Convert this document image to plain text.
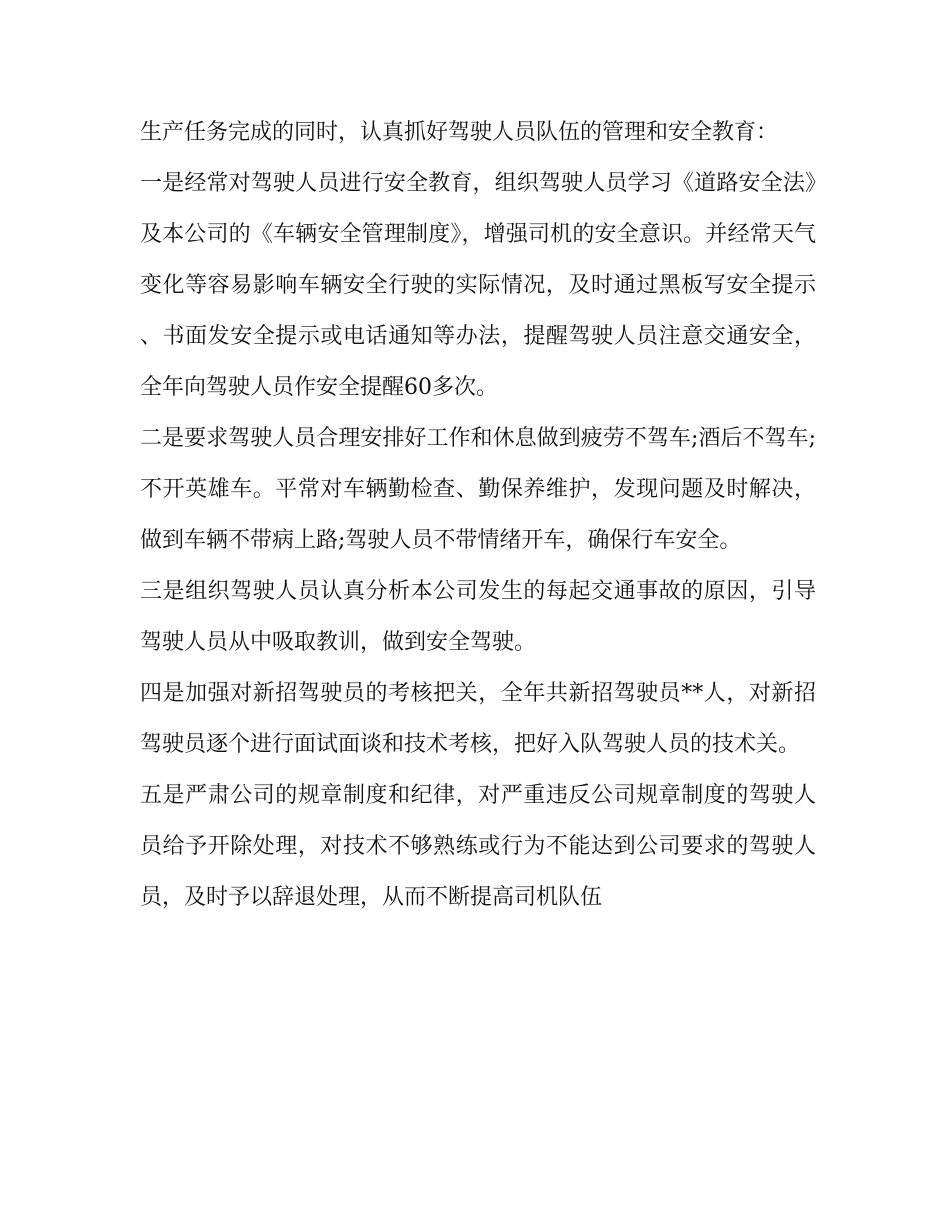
生产任务完成的同时，认真抓好驾驶人员队伍的管理和安全教育：

一是经常对驾驶人员进行安全教育，组织驾驶人员学习《道路安全法》及本公司的《车辆安全管理制度》，增强司机的安全意识。并经常天气变化等容易影响车辆安全行驶的实际情况，及时通过黑板写安全提示、书面发安全提示或电话通知等办法，提醒驾驶人员注意交通安全，全年向驾驶人员作安全提醒60多次。

二是要求驾驶人员合理安排好工作和休息做到疲劳不驾车;酒后不驾车;不开英雄车。平常对车辆勤检查、勤保养维护，发现问题及时解决，做到车辆不带病上路;驾驶人员不带情绪开车，确保行车安全。

三是组织驾驶人员认真分析本公司发生的每起交通事故的原因，引导驾驶人员从中吸取教训，做到安全驾驶。

四是加强对新招驾驶员的考核把关，全年共新招驾驶员**人，对新招驾驶员逐个进行面试面谈和技术考核，把好入队驾驶人员的技术关。

五是严肃公司的规章制度和纪律，对严重违反公司规章制度的驾驶人员给予开除处理，对技术不够熟练或行为不能达到公司要求的驾驶人员，及时予以辞退处理，从而不断提高司机队伍
